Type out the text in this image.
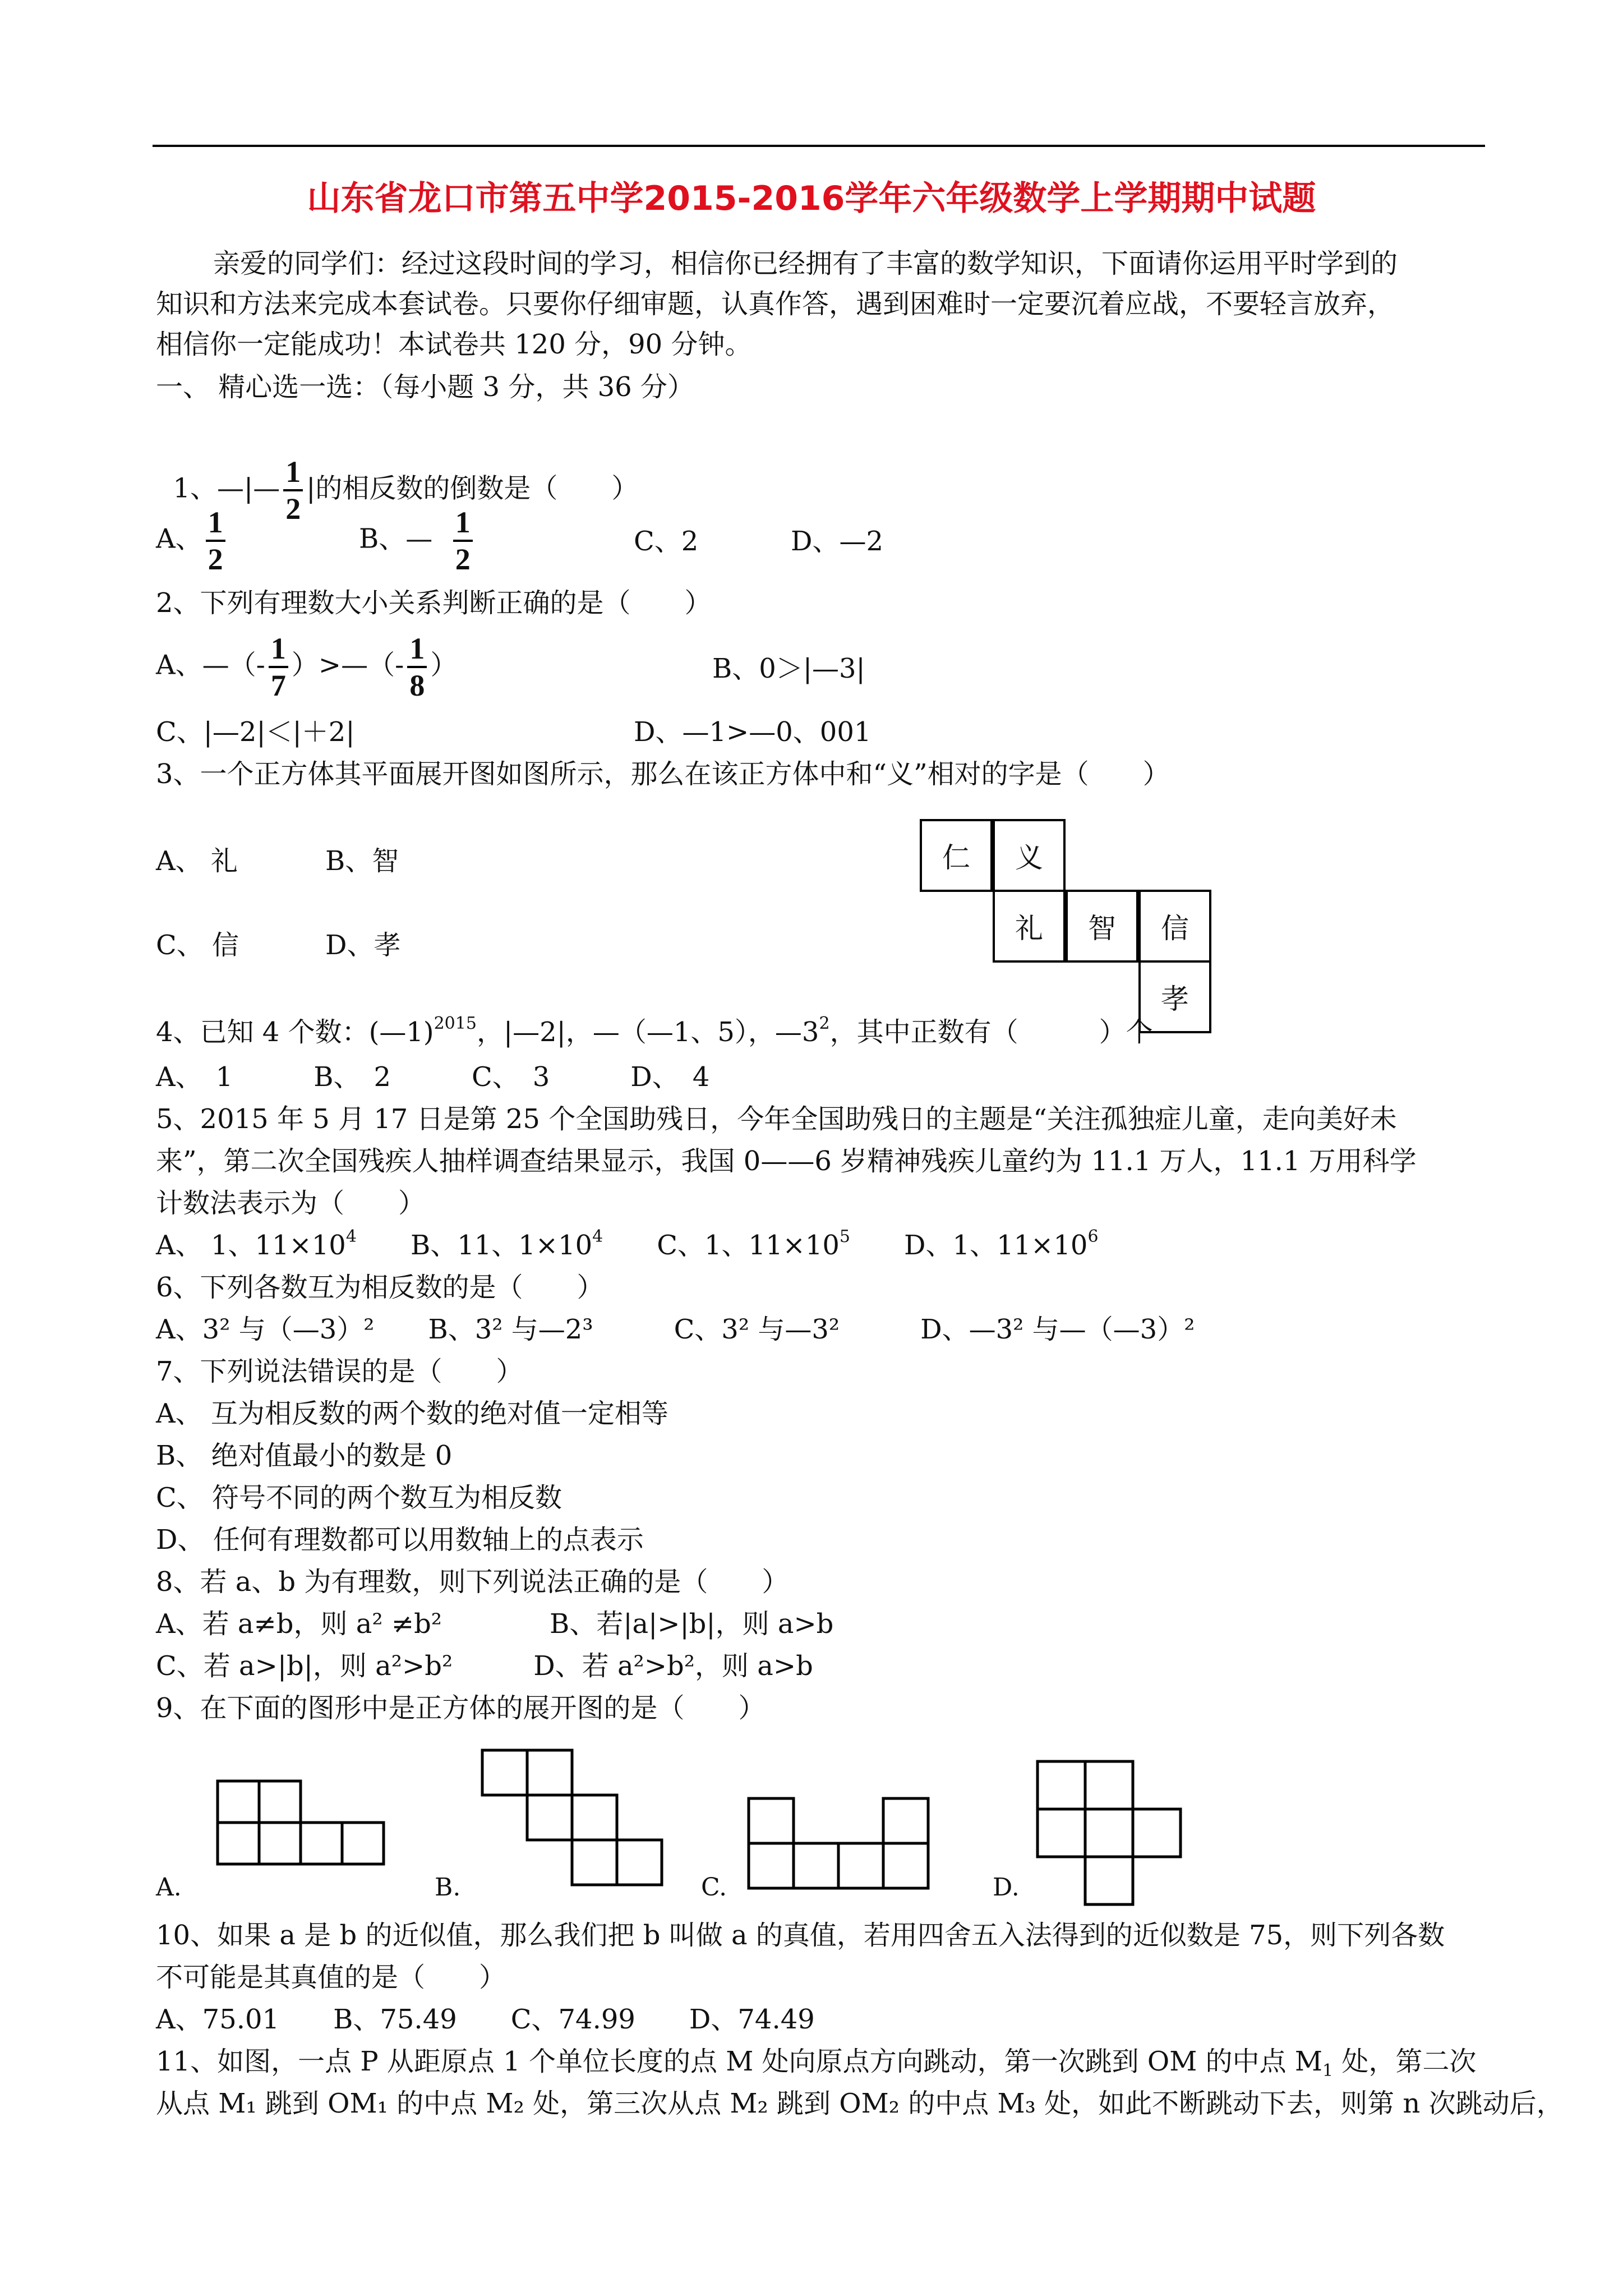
山东省龙口市第五中学2015-2016学年六年级数学上学期期中试题
亲爱的同学们：经过这段时间的学习，相信你已经拥有了丰富的数学知识，下面请你运用平时学到的
知识和方法来完成本套试卷。只要你仔细审题，认真作答，遇到困难时一定要沉着应战，不要轻言放弃，
相信你一定能成功！本试卷共 120 分，90 分钟。
一、 精心选一选：（每小题 3 分，共 36 分）

1、—|— $\frac{1}{2}$ |的相反数的倒数是（　　）

A、 $\frac{1}{2}$	B、— $\frac{1}{2}$	C、2	D、—2
2、下列有理数大小关系判断正确的是（　　）
A、—（- $\frac{1}{7}$ ）>—（- $\frac{1}{8}$ ）	B、0＞|—3|
C、|—2|＜|＋2|	D、—1>—0、001
3、一个正方体其平面展开图如图所示，那么在该正方体中和“义”相对的字是（　　）
A、 礼	B、智
C、 信	D、孝
仁	义
礼	智	信
孝
4、已知 4 个数：(—1)$^{2015}$，|—2|，—（—1、5），$—3^2$，其中正数有（　　　）个
A、　1　　　B、　2　　　C、　3　　　D、　4
5、2015 年 5 月 17 日是第 25 个全国助残日，今年全国助残日的主题是“关注孤独症儿童，走向美好未
来”，第二次全国残疾人抽样调查结果显示，我国 0——6 岁精神残疾儿童约为 11.1 万人，11.1 万用科学
计数法表示为（　　）
A、 1、$11\times 10^4$　　 B、11、$1\times 10^4$　　 C、1、$11\times 10^5$　　 D、1、$11\times 10^6$
6、下列各数互为相反数的是（　　）
A、3² 与（—3）²　　B、3² 与—2³　　　C、3² 与—3²　　　D、—3² 与—（—3）²
7、下列说法错误的是（　　）
A、 互为相反数的两个数的绝对值一定相等
B、 绝对值最小的数是 0
C、 符号不同的两个数互为相反数
D、 任何有理数都可以用数轴上的点表示
8、若 a、b 为有理数，则下列说法正确的是（　　）
A、若 a≠b，则 a² ≠b²　　　　B、若|a|>|b|，则 a>b
C、若 a>|b|，则 a²>b²　　　D、若 a²>b²，则 a>b
9、在下面的图形中是正方体的展开图的是（　　）
A.	B.	C.	D.
10、如果 a 是 b 的近似值，那么我们把 b 叫做 a 的真值，若用四舍五入法得到的近似数是 75，则下列各数
不可能是其真值的是（　　）
A、75.01　　B、75.49　　C、74.99　　D、74.49
11、如图，一点 P 从距原点 1 个单位长度的点 M 处向原点方向跳动，第一次跳到 OM 的中点 $M_1$ 处，第二次
从点 M₁ 跳到 OM₁ 的中点 M₂ 处，第三次从点 M₂ 跳到 OM₂ 的中点 M₃ 处，如此不断跳动下去，则第 n 次跳动后，
